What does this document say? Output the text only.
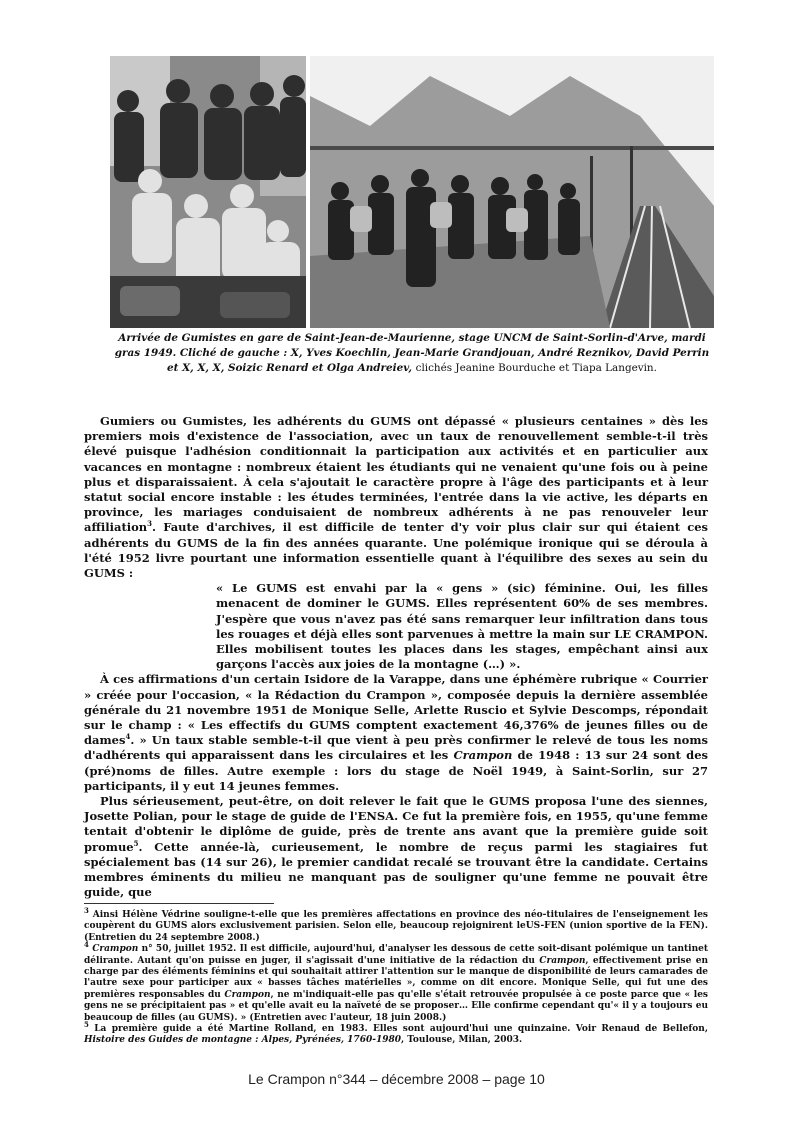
Arrivée de Gumistes en gare de Saint-Jean-de-Maurienne, stage UNCM de Saint-Sorlin-d'Arve, mardi gras 1949. Cliché de gauche : X, Yves Koechlin, Jean-Marie Grandjouan, André Reznikov, David Perrin et X, X, X, Soizic Renard et Olga Andreiev, clichés Jeanine Bourduche et Tiapa Langevin.

Gumiers ou Gumistes, les adhérents du GUMS ont dépassé « plusieurs centaines » dès les premiers mois d'existence de l'association, avec un taux de renouvellement semble-t-il très élevé puisque l'adhésion conditionnait la participation aux activités et en particulier aux vacances en montagne : nombreux étaient les étudiants qui ne venaient qu'une fois ou à peine plus et disparaissaient. À cela s'ajoutait le caractère propre à l'âge des participants et à leur statut social encore instable : les études terminées, l'entrée dans la vie active, les départs en province, les mariages conduisaient de nombreux adhérents à ne pas renouveler leur affiliation$^3$. Faute d'archives, il est difficile de tenter d'y voir plus clair sur qui étaient ces adhérents du GUMS de la fin des années quarante. Une polémique ironique qui se déroula à l'été 1952 livre pourtant une information essentielle quant à l'équilibre des sexes au sein du GUMS :

« Le GUMS est envahi par la « gens » (sic) féminine. Oui, les filles menacent de dominer le GUMS. Elles représentent 60% de ses membres. J'espère que vous n'avez pas été sans remarquer leur infiltration dans tous les rouages et déjà elles sont parvenues à mettre la main sur LE CRAMPON. Elles mobilisent toutes les places dans les stages, empêchant ainsi aux garçons l'accès aux joies de la montagne (…) ».

À ces affirmations d'un certain Isidore de la Varappe, dans une éphémère rubrique « Courrier » créée pour l'occasion, « la Rédaction du Crampon », composée depuis la dernière assemblée générale du 21 novembre 1951 de Monique Selle, Arlette Ruscio et Sylvie Descomps, répondait sur le champ : « Les effectifs du GUMS comptent exactement 46,376% de jeunes filles ou de dames$^4$. » Un taux stable semble-t-il que vient à peu près confirmer le relevé de tous les noms d'adhérents qui apparaissent dans les circulaires et les Crampon de 1948 : 13 sur 24 sont des (pré)noms de filles. Autre exemple : lors du stage de Noël 1949, à Saint-Sorlin, sur 27 participants, il y eut 14 jeunes femmes.

Plus sérieusement, peut-être, on doit relever le fait que le GUMS proposa l'une des siennes, Josette Polian, pour le stage de guide de l'ENSA. Ce fut la première fois, en 1955, qu'une femme tentait d'obtenir le diplôme de guide, près de trente ans avant que la première guide soit promue$^5$. Cette année-là, curieusement, le nombre de reçus parmi les stagiaires fut spécialement bas (14 sur 26), le premier candidat recalé se trouvant être la candidate. Certains membres éminents du milieu ne manquant pas de souligner qu'une femme ne pouvait être guide, que

$^3$ Ainsi Hélène Védrine souligne-t-elle que les premières affectations en province des néo-titulaires de l'enseignement les coupèrent du GUMS alors exclusivement parisien. Selon elle, beaucoup rejoignirent leUS-FEN (union sportive de la FEN). (Entretien du 24 septembre 2008.)

$^4$ Crampon n° 50, juillet 1952. Il est difficile, aujourd'hui, d'analyser les dessous de cette soit-disant polémique un tantinet délirante. Autant qu'on puisse en juger, il s'agissait d'une initiative de la rédaction du Crampon, effectivement prise en charge par des éléments féminins et qui souhaitait attirer l'attention sur le manque de disponibilité de leurs camarades de l'autre sexe pour participer aux « basses tâches matérielles », comme on dit encore. Monique Selle, qui fut une des premières responsables du Crampon, ne m'indiquait-elle pas qu'elle s'était retrouvée propulsée à ce poste parce que « les gens ne se précipitaient pas » et qu'elle avait eu la naïveté de se proposer… Elle confirme cependant qu'« il y a toujours eu beaucoup de filles (au GUMS). » (Entretien avec l'auteur, 18 juin 2008.)

$^5$ La première guide a été Martine Rolland, en 1983. Elles sont aujourd'hui une quinzaine. Voir Renaud de Bellefon, Histoire des Guides de montagne : Alpes, Pyrénées, 1760-1980, Toulouse, Milan, 2003.

Le Crampon n°344 – décembre 2008 – page 10
